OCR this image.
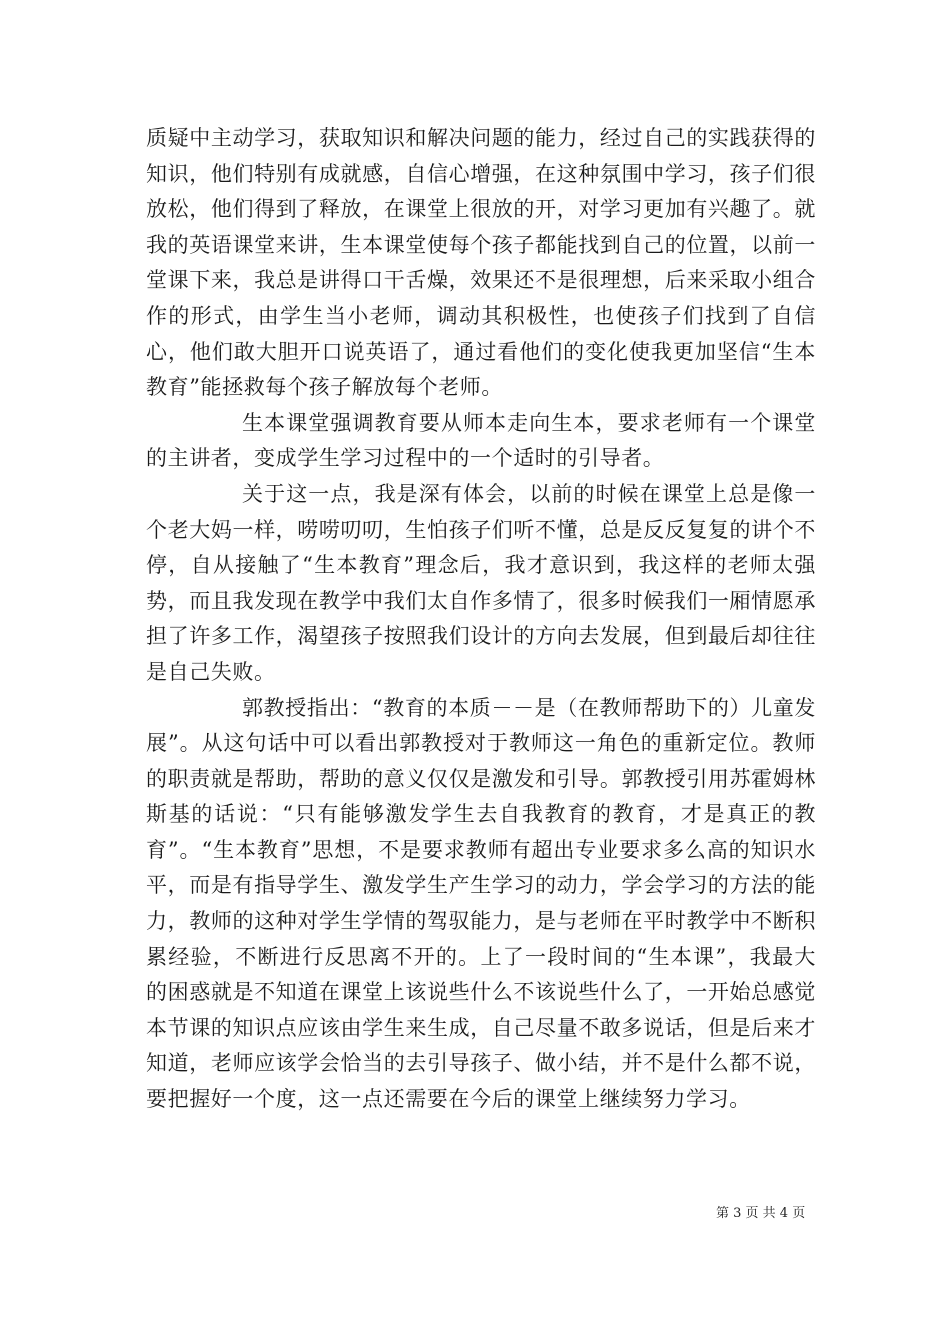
质疑中主动学习，获取知识和解决问题的能力，经过自己的实践获得的知识，他们特别有成就感，自信心增强，在这种氛围中学习，孩子们很放松，他们得到了释放，在课堂上很放的开，对学习更加有兴趣了。就我的英语课堂来讲，生本课堂使每个孩子都能找到自己的位置，以前一堂课下来，我总是讲得口干舌燥，效果还不是很理想，后来采取小组合作的形式，由学生当小老师，调动其积极性，也使孩子们找到了自信心，他们敢大胆开口说英语了，通过看他们的变化使我更加坚信“生本教育”能拯救每个孩子解放每个老师。

生本课堂强调教育要从师本走向生本，要求老师有一个课堂的主讲者，变成学生学习过程中的一个适时的引导者。

关于这一点，我是深有体会，以前的时候在课堂上总是像一个老大妈一样，唠唠叨叨，生怕孩子们听不懂，总是反反复复的讲个不停，自从接触了“生本教育”理念后，我才意识到，我这样的老师太强势，而且我发现在教学中我们太自作多情了，很多时候我们一厢情愿承担了许多工作，渴望孩子按照我们设计的方向去发展，但到最后却往往是自己失败。

郭教授指出：“教育的本质－－是（在教师帮助下的）儿童发展”。从这句话中可以看出郭教授对于教师这一角色的重新定位。教师的职责就是帮助，帮助的意义仅仅是激发和引导。郭教授引用苏霍姆林斯基的话说：“只有能够激发学生去自我教育的教育，才是真正的教育”。“生本教育”思想，不是要求教师有超出专业要求多么高的知识水平，而是有指导学生、激发学生产生学习的动力，学会学习的方法的能力，教师的这种对学生学情的驾驭能力，是与老师在平时教学中不断积累经验，不断进行反思离不开的。上了一段时间的“生本课”，我最大的困惑就是不知道在课堂上该说些什么不该说些什么了，一开始总感觉本节课的知识点应该由学生来生成，自己尽量不敢多说话，但是后来才知道，老师应该学会恰当的去引导孩子、做小结，并不是什么都不说，要把握好一个度，这一点还需要在今后的课堂上继续努力学习。

第 3 页 共 4 页
